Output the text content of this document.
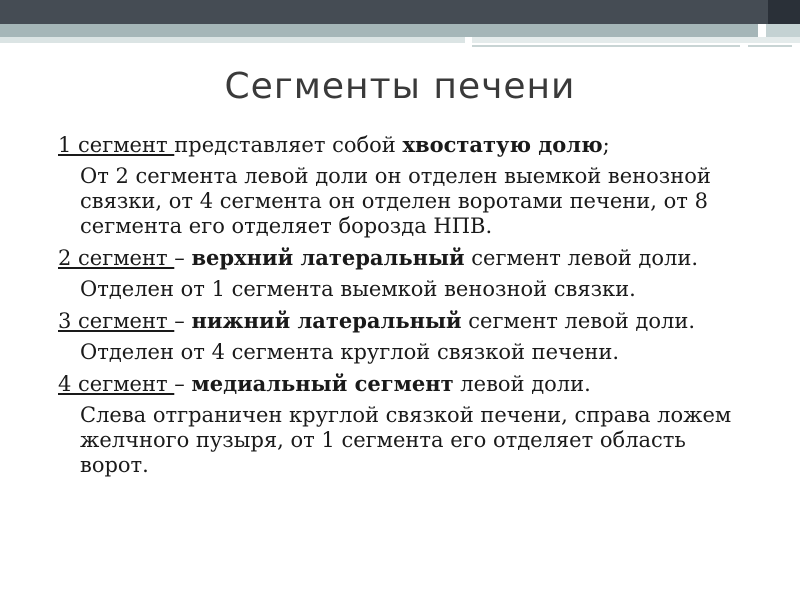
Сегменты печени
1 сегмент представляет собой хвостатую долю;
От 2 сегмента левой доли он отделен выемкой венозной связки, от 4 сегмента он отделен воротами печени, от 8 сегмента его отделяет борозда НПВ.
2 сегмент – верхний латеральный сегмент левой доли.
Отделен от 1 сегмента выемкой венозной связки.
3 сегмент – нижний латеральный сегмент левой доли.
Отделен от 4 сегмента круглой связкой печени.
4 сегмент – медиальный сегмент левой доли.
Слева отграничен круглой связкой печени, справа ложем желчного пузыря, от 1 сегмента его отделяет область ворот.
